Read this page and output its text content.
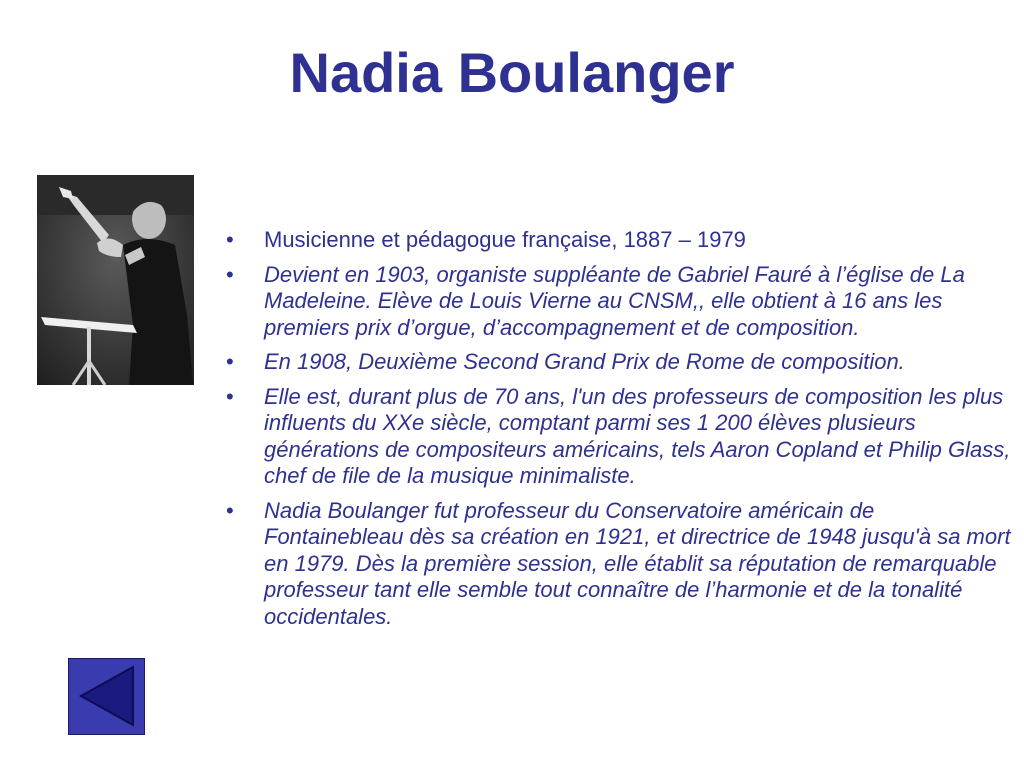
Nadia Boulanger
• Musicienne et pédagogue française, 1887 – 1979
• Devient en 1903, organiste suppléante de Gabriel Fauré à l’église de La Madeleine. Elève de Louis Vierne au CNSM,, elle obtient à 16 ans les premiers prix d’orgue, d’accompagnement et de composition.
• En 1908, Deuxième Second Grand Prix de Rome de composition.
• Elle est, durant plus de 70 ans, l'un des professeurs de composition les plus influents du XXe siècle, comptant parmi ses 1 200 élèves plusieurs générations de compositeurs américains, tels Aaron Copland et Philip Glass, chef de file de la musique minimaliste.
• Nadia Boulanger fut professeur du Conservatoire américain de Fontainebleau dès sa création en 1921, et directrice de 1948 jusqu'à sa mort en 1979. Dès la première session, elle établit sa réputation de remarquable professeur tant elle semble tout connaître de l’harmonie et de la tonalité occidentales.
